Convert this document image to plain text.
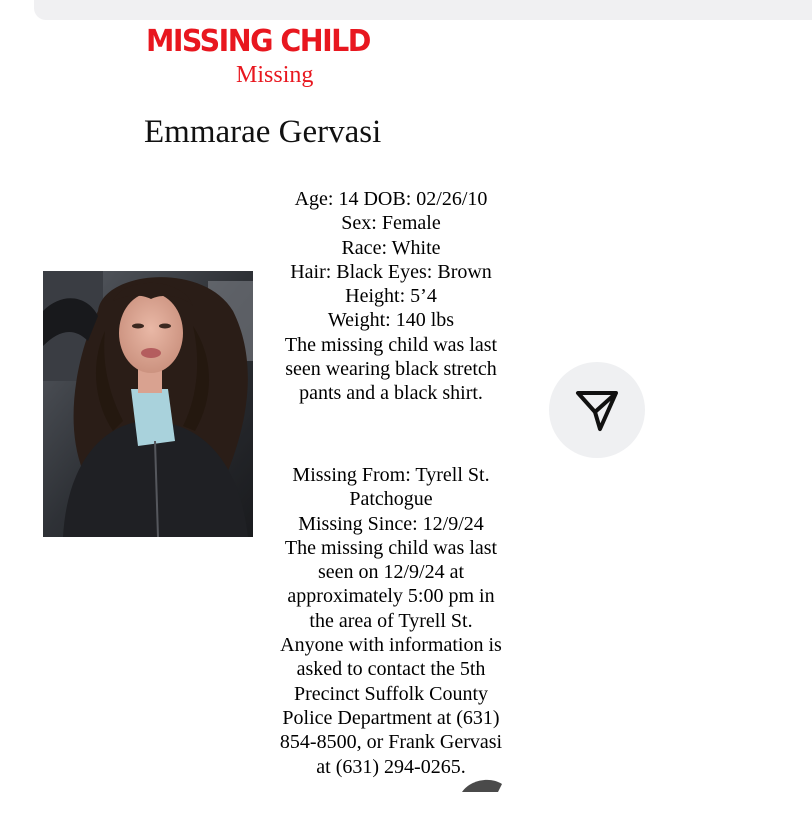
MISSING CHILD
Missing
Emmarae Gervasi
Age: 14 DOB: 02/26/10
Sex: Female
Race: White
Hair: Black Eyes: Brown
Height: 5’4
Weight: 140 lbs
The missing child was last
seen wearing black stretch
pants and a black shirt.
Missing From: Tyrell St.
Patchogue
Missing Since: 12/9/24
The missing child was last
seen on 12/9/24 at
approximately 5:00 pm in
the area of Tyrell St.
Anyone with information is
asked to contact the 5th
Precinct Suffolk County
Police Department at (631)
854-8500, or Frank Gervasi
at (631) 294-0265.
